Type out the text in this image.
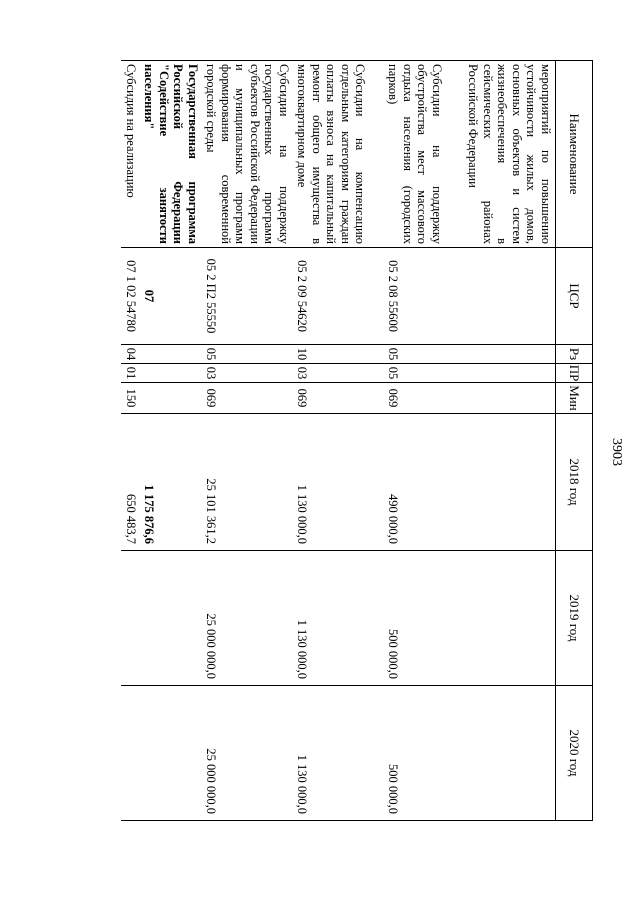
3903
Наименование	ЦСР	Рз	ПР	Мин	2018 год	2019 год	2020 год
мероприятий по повышению устойчивости жилых домов, основных объектов и систем жизнеобеспечения в сейсмических районах Российской Федерации							
Субсидии на поддержку обустройства мест массового отдыха населения (городских парков)	05 2 08 55600	05	05	069	490 000,0	500 000,0	500 000,0
Субсидии на компенсацию отдельным категориям граждан оплаты взноса на капитальный ремонт общего имущества в многоквартирном доме	05 2 09 54620	10	03	069	1 130 000,0	1 130 000,0	1 130 000,0
Субсидии на поддержку государственных программ субъектов Российской Федерации и муниципальных программ формирования современной городской среды	05 2 П2 55550	05	03	069	25 101 361,2	25 000 000,0	25 000 000,0
Государственная программа Российской Федерации "Содействие занятости населения"	07				1 175 876,6		
Субсидия на реализацию	07 1 02 54780	04	01	150	650 483,7		
